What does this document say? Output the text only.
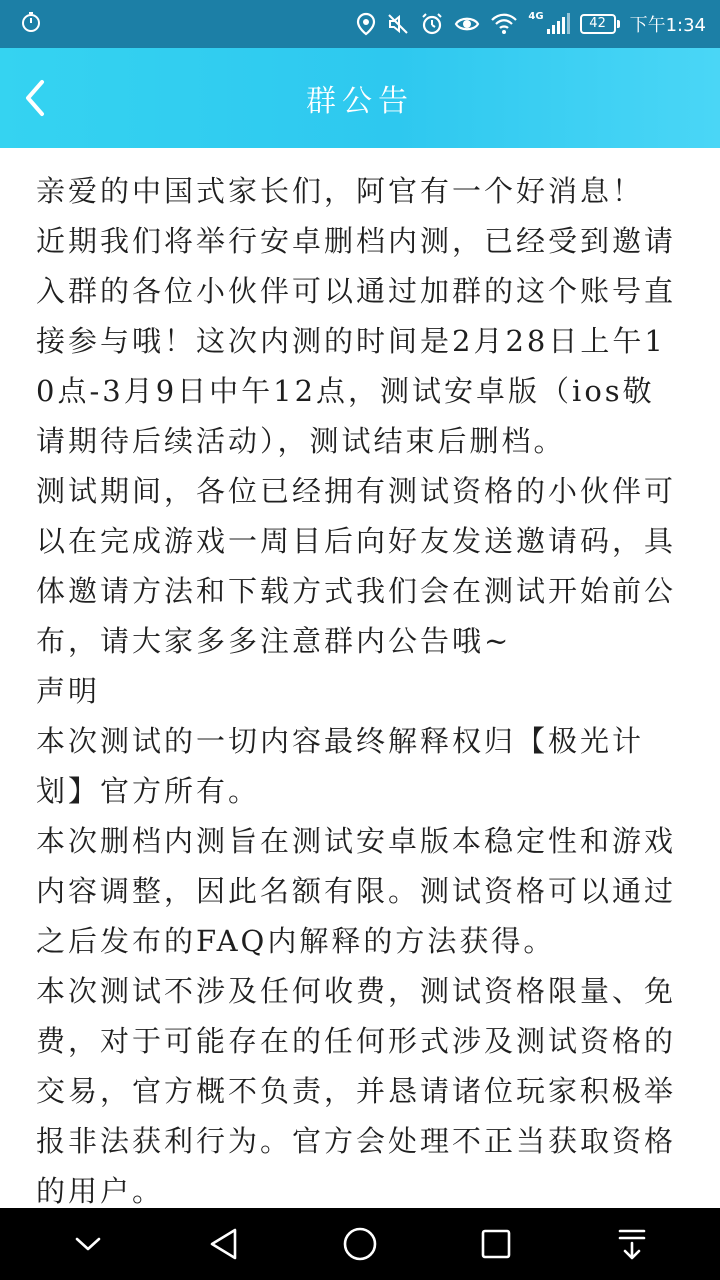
4G	42	下午1:34
群公告

亲爱的中国式家长们，阿官有一个好消息！

近期我们将举行安卓删档内测，已经受到邀请入群的各位小伙伴可以通过加群的这个账号直接参与哦！这次内测的时间是2月28日上午10点-3月9日中午12点，测试安卓版（ios敬请期待后续活动），测试结束后删档。

测试期间，各位已经拥有测试资格的小伙伴可以在完成游戏一周目后向好友发送邀请码，具体邀请方法和下载方式我们会在测试开始前公布，请大家多多注意群内公告哦~

声明

本次测试的一切内容最终解释权归【极光计划】官方所有。

本次删档内测旨在测试安卓版本稳定性和游戏内容调整，因此名额有限。测试资格可以通过之后发布的FAQ内解释的方法获得。

本次测试不涉及任何收费，测试资格限量、免费，对于可能存在的任何形式涉及测试资格的交易，官方概不负责，并恳请诸位玩家积极举报非法获利行为。官方会处理不正当获取资格的用户。
